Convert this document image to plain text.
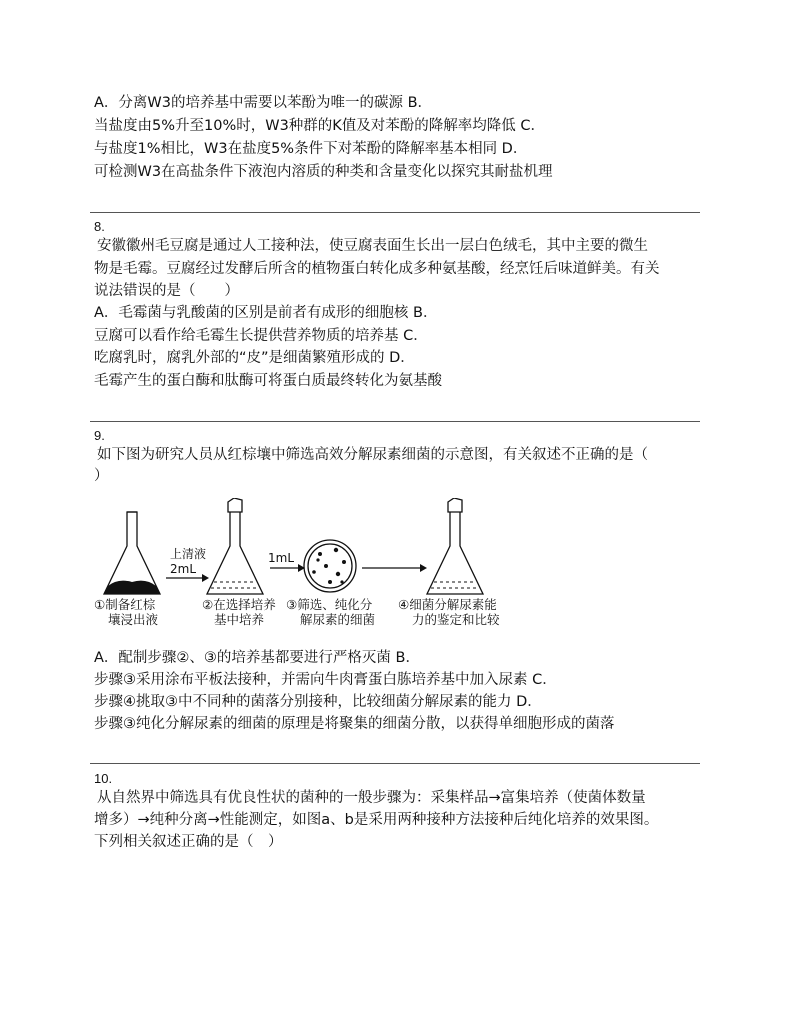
A．分离W3的培养基中需要以苯酚为唯一的碳源 B．
当盐度由5%升至10%时，W3种群的K值及对苯酚的降解率均降低 C．
与盐度1%相比，W3在盐度5%条件下对苯酚的降解率基本相同 D．
可检测W3在高盐条件下液泡内溶质的种类和含量变化以探究其耐盐机理
8.
安徽徽州毛豆腐是通过人工接种法，使豆腐表面生长出一层白色绒毛，其中主要的微生
物是毛霉。豆腐经过发酵后所含的植物蛋白转化成多种氨基酸，经烹饪后味道鲜美。有关
说法错误的是（　　）
A．毛霉菌与乳酸菌的区别是前者有成形的细胞核 B．
豆腐可以看作给毛霉生长提供营养物质的培养基 C．
吃腐乳时，腐乳外部的“皮”是细菌繁殖形成的 D．
毛霉产生的蛋白酶和肽酶可将蛋白质最终转化为氨基酸
9.
如下图为研究人员从红棕壤中筛选高效分解尿素细菌的示意图，有关叙述不正确的是（
）
上清液
2mL
1mL
①制备红棕
壤浸出液
②在选择培养
基中培养
③筛选、纯化分
解尿素的细菌
④细菌分解尿素能
力的鉴定和比较
A．配制步骤②、③的培养基都要进行严格灭菌 B．
步骤③采用涂布平板法接种，并需向牛肉膏蛋白胨培养基中加入尿素 C．
步骤④挑取③中不同种的菌落分别接种，比较细菌分解尿素的能力 D．
步骤③纯化分解尿素的细菌的原理是将聚集的细菌分散，以获得单细胞形成的菌落
10.
从自然界中筛选具有优良性状的菌种的一般步骤为：采集样品→富集培养（使菌体数量
增多）→纯种分离→性能测定，如图a、b是采用两种接种方法接种后纯化培养的效果图。
下列相关叙述正确的是（　）
